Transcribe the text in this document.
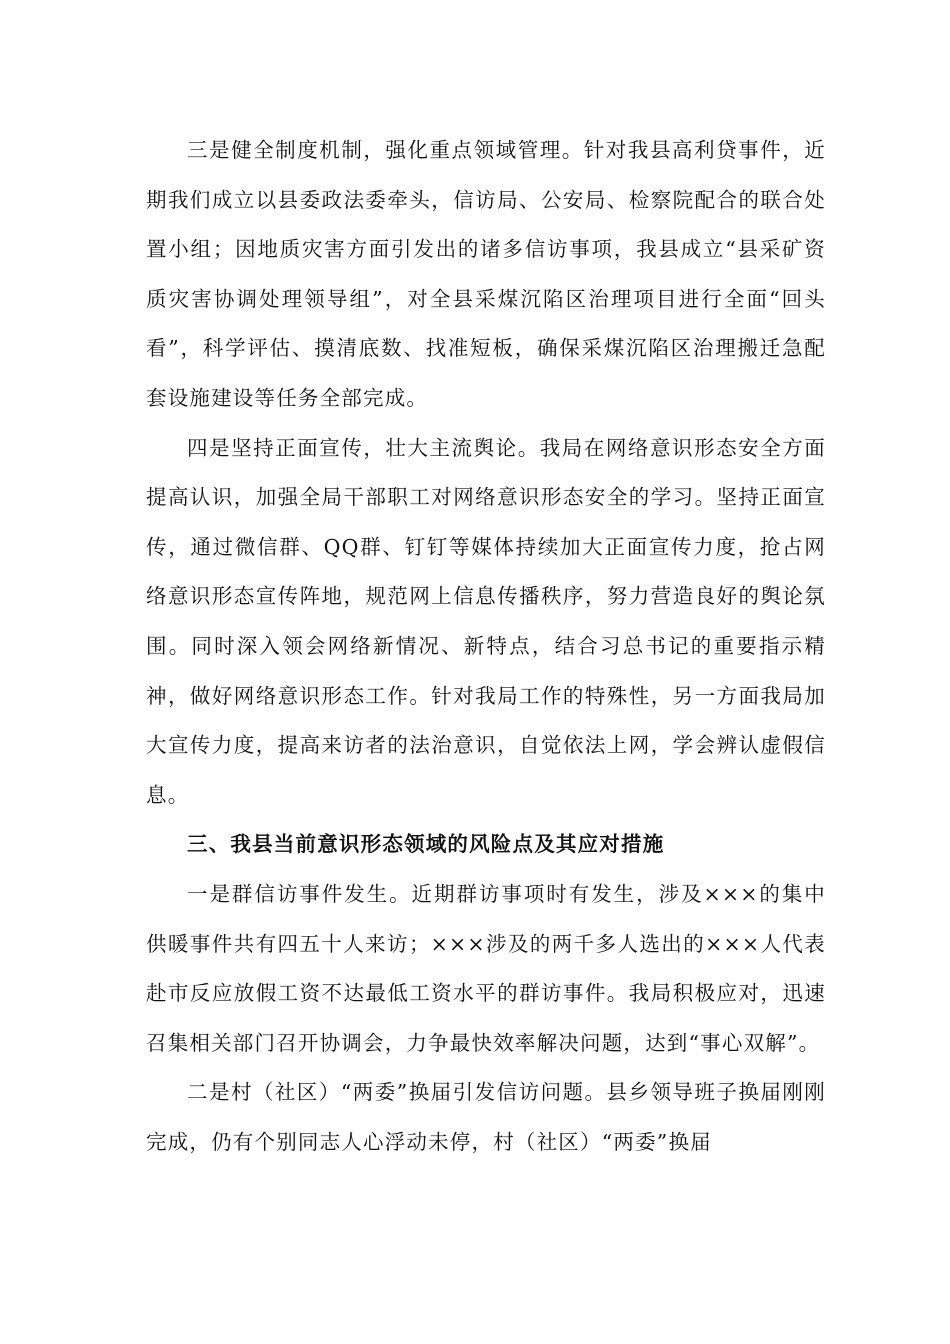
三是健全制度机制，强化重点领域管理。针对我县高利贷事件，近期我们成立以县委政法委牵头，信访局、公安局、检察院配合的联合处置小组；因地质灾害方面引发出的诸多信访事项，我县成立“县采矿资质灾害协调处理领导组”，对全县采煤沉陷区治理项目进行全面“回头看”，科学评估、摸清底数、找准短板，确保采煤沉陷区治理搬迁急配套设施建设等任务全部完成。

四是坚持正面宣传，壮大主流舆论。我局在网络意识形态安全方面提高认识，加强全局干部职工对网络意识形态安全的学习。坚持正面宣传，通过微信群、QQ群、钉钉等媒体持续加大正面宣传力度，抢占网络意识形态宣传阵地，规范网上信息传播秩序，努力营造良好的舆论氛围。同时深入领会网络新情况、新特点，结合习总书记的重要指示精神，做好网络意识形态工作。针对我局工作的特殊性，另一方面我局加大宣传力度，提高来访者的法治意识，自觉依法上网，学会辨认虚假信息。

三、我县当前意识形态领域的风险点及其应对措施

一是群信访事件发生。近期群访事项时有发生，涉及×××的集中供暖事件共有四五十人来访；×××涉及的两千多人选出的×××人代表赴市反应放假工资不达最低工资水平的群访事件。我局积极应对，迅速召集相关部门召开协调会，力争最快效率解决问题，达到“事心双解”。

二是村（社区）“两委”换届引发信访问题。县乡领导班子换届刚刚完成，仍有个别同志人心浮动未停，村（社区）“两委”换届
